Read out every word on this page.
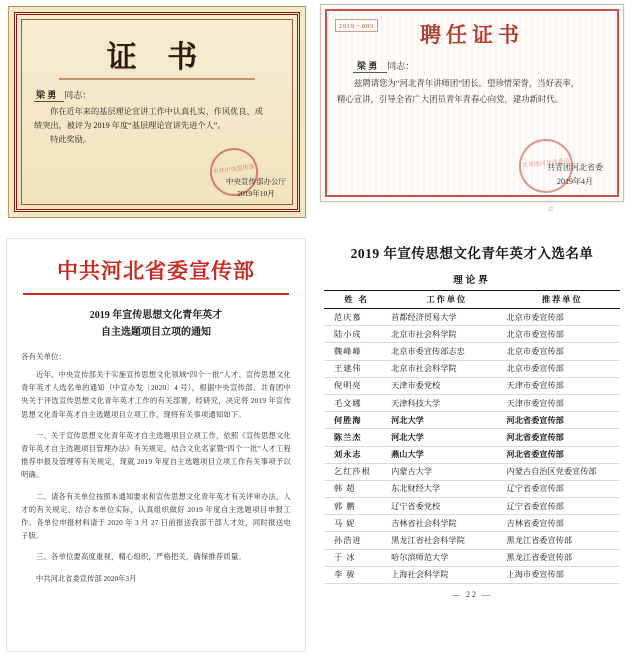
证 书
梁 勇 同志：
你在近年来的基层理论宣讲工作中认真扎实、作风优良、成
绩突出，被评为 2019 年度“基层理论宣讲先进个人”。
特此奖励。
中共中央宣传部
中央宣传部办公厅
2019年10月
2019－003	聘任证书
梁 勇 同志：
兹聘请您为“河北青年讲师团”团长。望珍惜荣誉，当好表率，
精心宣讲，引导全省广大团员青年青春心向党，建功新时代。
共青团河北省委员会
共青团河北省委
2019年4月
中共河北省委宣传部
2019 年宣传思想文化青年英才
自主选题项目立项的通知
各有关单位：

近年，中央宣传部关于实施宣传思想文化领域“四个一批”人才、宣传思想文化青年英才人选名单的通知（中宣办发〔2020〕4 号），根据中央宣传部、共青团中央关于评选宣传思想文化青年英才工作的有关部署，经研究，决定将 2019 年宣传思想文化青年英才自主选题项目立项工作，现将有关事项通知如下。

一、关于宣传思想文化青年英才自主选题项目立项工作，依照《宣传思想文化青年英才自主选题项目管理办法》有关规定，结合文化名家暨“四个一批”人才工程推荐申报及管理等有关规定，现就 2019 年度自主选题项目立项工作有关事项予以明确。

二、请各有关单位按照本通知要求和宣传思想文化青年英才有关评审办法，人才的有关规定，结合本单位实际，认真组织做好 2019 年度自主选题项目申报工作。各单位申报材料请于 2020 年 3 月 27 日前报送我部干部人才处，同时报送电子版。

三、各单位要高度重视，精心组织，严格把关，确保推荐质量。

中共河北省委宣传部 2020年3月
2019 年宣传思想文化青年英才入选名单
理论界
姓 名	工作单位	推荐单位
范庆慕	首都经济贸易大学	北京市委宣传部
陆小成	北京市社会科学院	北京市委宣传部
魏峰峰	北京市委宣传部志忠	北京市委宣传部
王建伟	北京市社会科学院	北京市委宣传部
倪明亮	天津市委党校	天津市委宣传部
毛文娜	天津科技大学	天津市委宣传部
何胜海	河北大学	河北省委宣传部
陈兰杰	河北大学	河北省委宣传部
刘永志	燕山大学	河北省委宣传部
乞红莎根	内蒙古大学	内蒙古自治区党委宣传部
韩 超	东北财经大学	辽宁省委宣传部
郭 鹏	辽宁省委党校	辽宁省委宣传部
马 妮	吉林省社会科学院	吉林省委宣传部
孙浩进	黑龙江省社会科学院	黑龙江省委宣传部
于 冰	哈尔滨师范大学	黑龙江省委宣传部
李 骏	上海社会科学院	上海市委宣传部
— 22 —
